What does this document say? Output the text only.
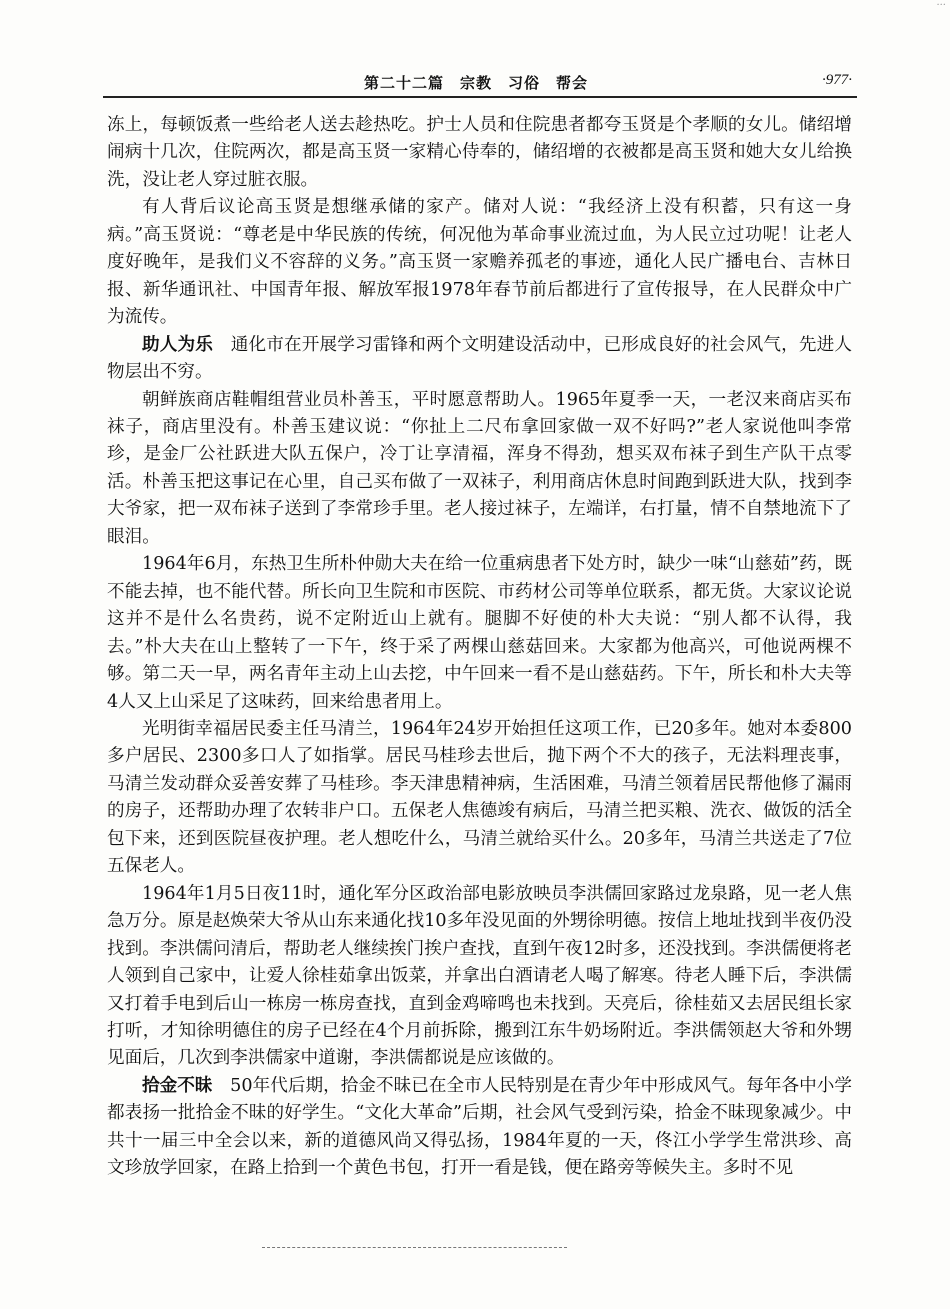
···
第二十二篇　宗教　习俗　帮会	·977·

冻上，每顿饭煮一些给老人送去趁热吃。护士人员和住院患者都夸玉贤是个孝顺的女儿。储绍增闹病十几次，住院两次，都是高玉贤一家精心侍奉的，储绍增的衣被都是高玉贤和她大女儿给换洗，没让老人穿过脏衣服。

有人背后议论高玉贤是想继承储的家产。储对人说：“我经济上没有积蓄，只有这一身病。”高玉贤说：“尊老是中华民族的传统，何况他为革命事业流过血，为人民立过功呢！让老人度好晚年，是我们义不容辞的义务。”高玉贤一家赡养孤老的事迹，通化人民广播电台、吉林日报、新华通讯社、中国青年报、解放军报1978年春节前后都进行了宣传报导，在人民群众中广为流传。

助人为乐　 通化市在开展学习雷锋和两个文明建设活动中，已形成良好的社会风气，先进人物层出不穷。

朝鲜族商店鞋帽组营业员朴善玉，平时愿意帮助人。1965年夏季一天，一老汉来商店买布袜子，商店里没有。朴善玉建议说：“你扯上二尺布拿回家做一双不好吗?”老人家说他叫李常珍，是金厂公社跃进大队五保户，冷丁让享清福，浑身不得劲，想买双布袜子到生产队干点零活。朴善玉把这事记在心里，自己买布做了一双袜子，利用商店休息时间跑到跃进大队，找到李大爷家，把一双布袜子送到了李常珍手里。老人接过袜子，左端详，右打量，情不自禁地流下了眼泪。

1964年6月，东热卫生所朴仲勋大夫在给一位重病患者下处方时，缺少一味“山慈茹”药，既不能去掉，也不能代替。所长向卫生院和市医院、市药材公司等单位联系，都无货。大家议论说这并不是什么名贵药，说不定附近山上就有。腿脚不好使的朴大夫说：“别人都不认得，我去。”朴大夫在山上整转了一下午，终于采了两棵山慈菇回来。大家都为他高兴，可他说两棵不够。第二天一早，两名青年主动上山去挖，中午回来一看不是山慈菇药。下午，所长和朴大夫等4人又上山采足了这味药，回来给患者用上。

光明街幸福居民委主任马清兰，1964年24岁开始担任这项工作，已20多年。她对本委800多户居民、2300多口人了如指掌。居民马桂珍去世后，抛下两个不大的孩子，无法料理丧事，马清兰发动群众妥善安葬了马桂珍。李天津患精神病，生活困难，马清兰领着居民帮他修了漏雨的房子，还帮助办理了农转非户口。五保老人焦德竣有病后，马清兰把买粮、洗衣、做饭的活全包下来，还到医院昼夜护理。老人想吃什么，马清兰就给买什么。20多年，马清兰共送走了7位五保老人。

1964年1月5日夜11时，通化军分区政治部电影放映员李洪儒回家路过龙泉路，见一老人焦急万分。原是赵焕荣大爷从山东来通化找10多年没见面的外甥徐明德。按信上地址找到半夜仍没找到。李洪儒问清后，帮助老人继续挨门挨户查找，直到午夜12时多，还没找到。李洪儒便将老人领到自己家中，让爱人徐桂茹拿出饭菜，并拿出白酒请老人喝了解寒。待老人睡下后，李洪儒又打着手电到后山一栋房一栋房查找，直到金鸡啼鸣也未找到。天亮后，徐桂茹又去居民组长家打听，才知徐明德住的房子已经在4个月前拆除，搬到江东牛奶场附近。李洪儒领赵大爷和外甥见面后，几次到李洪儒家中道谢，李洪儒都说是应该做的。

拾金不昧　 50年代后期，拾金不昧已在全市人民特别是在青少年中形成风气。每年各中小学都表扬一批拾金不昧的好学生。“文化大革命”后期，社会风气受到污染，拾金不昧现象减少。中共十一届三中全会以来，新的道德风尚又得弘扬，1984年夏的一天，佟江小学学生常洪珍、高文珍放学回家，在路上拾到一个黄色书包，打开一看是钱，便在路旁等候失主。多时不见
